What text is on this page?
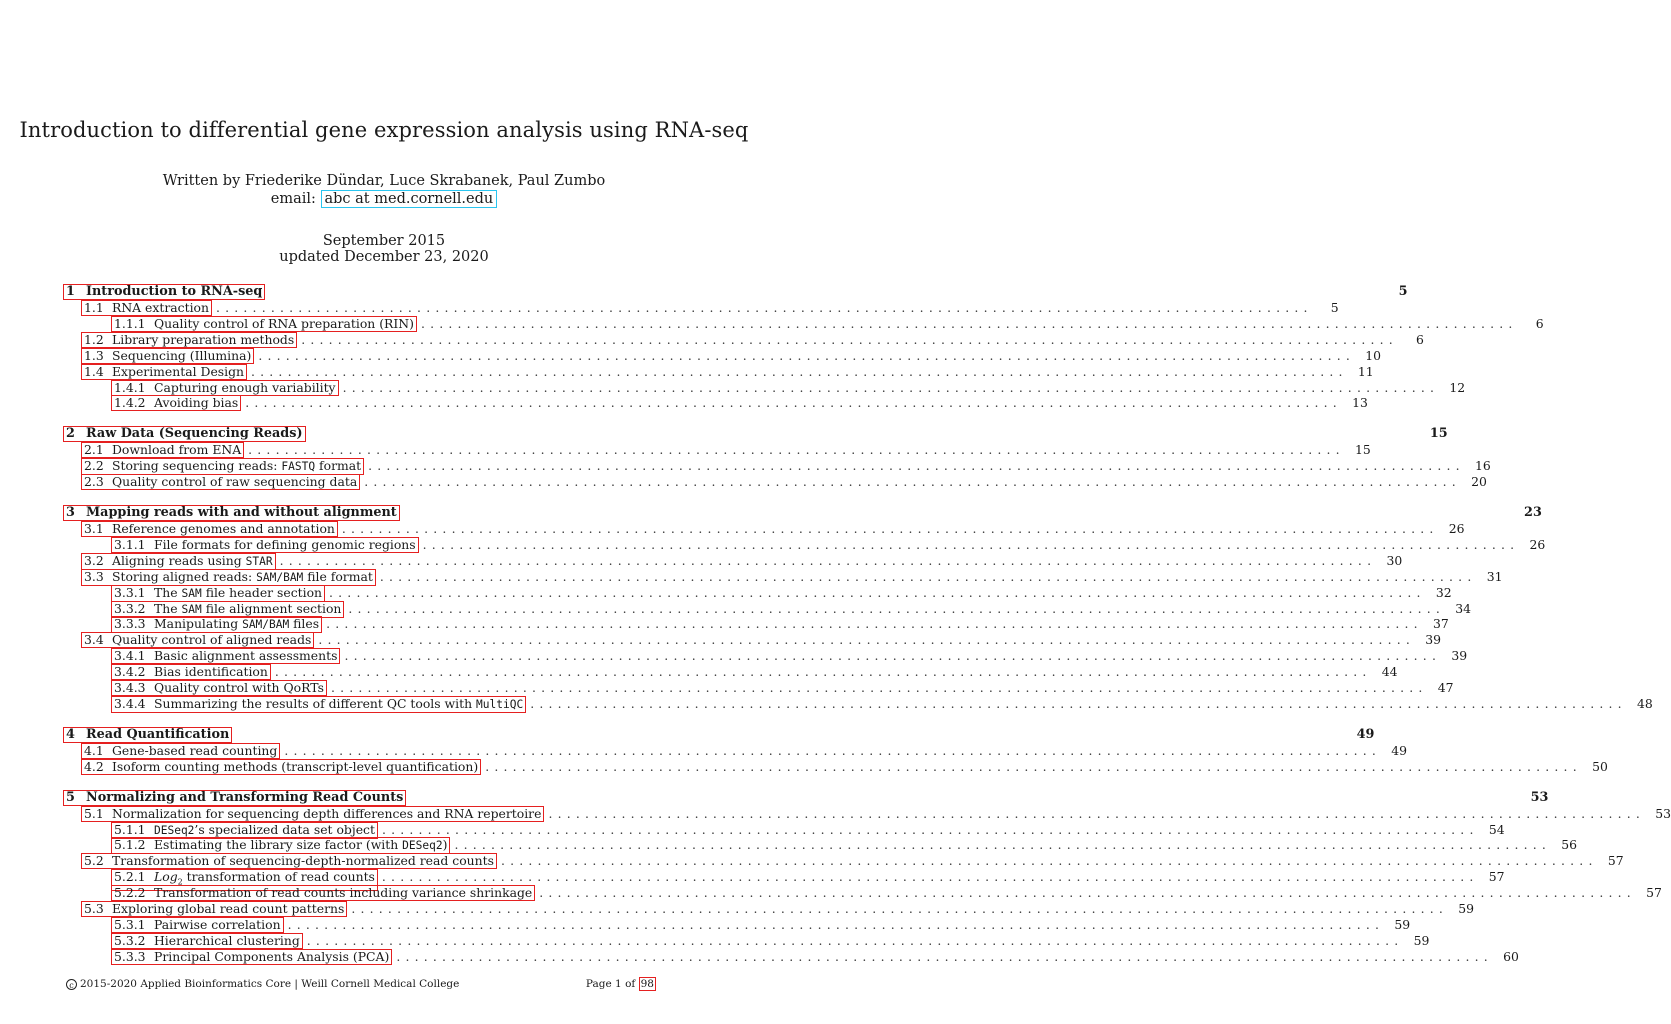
Introduction to differential gene expression analysis using RNA-seq
Written by Friederike Dündar, Luce Skrabanek, Paul Zumbo
email: abc at med.cornell.edu
September 2015
updated December 23, 2020
1 Introduction to RNA-seq	5
1.1 RNA extraction ........................................................................................................................	5
1.1.1 Quality control of RNA preparation (RIN) ........................................................................................................................	6
1.2 Library preparation methods ........................................................................................................................	6
1.3 Sequencing (Illumina) ........................................................................................................................ 10
1.4 Experimental Design ........................................................................................................................ 11
1.4.1 Capturing enough variability ........................................................................................................................ 12
1.4.2 Avoiding bias ........................................................................................................................ 13
2 Raw Data (Sequencing Reads)	15
2.1 Download from ENA ........................................................................................................................ 15
2.2 Storing sequencing reads: FASTQ format ........................................................................................................................ 16
2.3 Quality control of raw sequencing data ........................................................................................................................ 20
3 Mapping reads with and without alignment	23
3.1 Reference genomes and annotation ........................................................................................................................ 26
3.1.1 File formats for defining genomic regions ........................................................................................................................ 26
3.2 Aligning reads using STAR ........................................................................................................................ 30
3.3 Storing aligned reads: SAM/BAM file format ........................................................................................................................ 31
3.3.1 The SAM file header section ........................................................................................................................ 32
3.3.2 The SAM file alignment section ........................................................................................................................ 34
3.3.3 Manipulating SAM/BAM files ........................................................................................................................ 37
3.4 Quality control of aligned reads ........................................................................................................................ 39
3.4.1 Basic alignment assessments ........................................................................................................................ 39
3.4.2 Bias identification ........................................................................................................................ 44
3.4.3 Quality control with QoRTs ........................................................................................................................ 47
3.4.4 Summarizing the results of different QC tools with MultiQC ........................................................................................................................ 48
4 Read Quantification	49
4.1 Gene-based read counting ........................................................................................................................ 49
4.2 Isoform counting methods (transcript-level quantification) ........................................................................................................................ 50
5 Normalizing and Transforming Read Counts	53
5.1 Normalization for sequencing depth differences and RNA repertoire ........................................................................................................................ 53
5.1.1 DESeq2’s specialized data set object ........................................................................................................................ 54
5.1.2 Estimating the library size factor (with DESeq2) ........................................................................................................................ 56
5.2 Transformation of sequencing-depth-normalized read counts ........................................................................................................................ 57
5.2.1 Log$_2$ transformation of read counts ........................................................................................................................ 57
5.2.2 Transformation of read counts including variance shrinkage ........................................................................................................................ 57
5.3 Exploring global read count patterns ........................................................................................................................ 59
5.3.1 Pairwise correlation ........................................................................................................................ 59
5.3.2 Hierarchical clustering ........................................................................................................................ 59
5.3.3 Principal Components Analysis (PCA) ........................................................................................................................ 60
c 2015-2020 Applied Bioinformatics Core | Weill Cornell Medical College	Page 1 of 98
